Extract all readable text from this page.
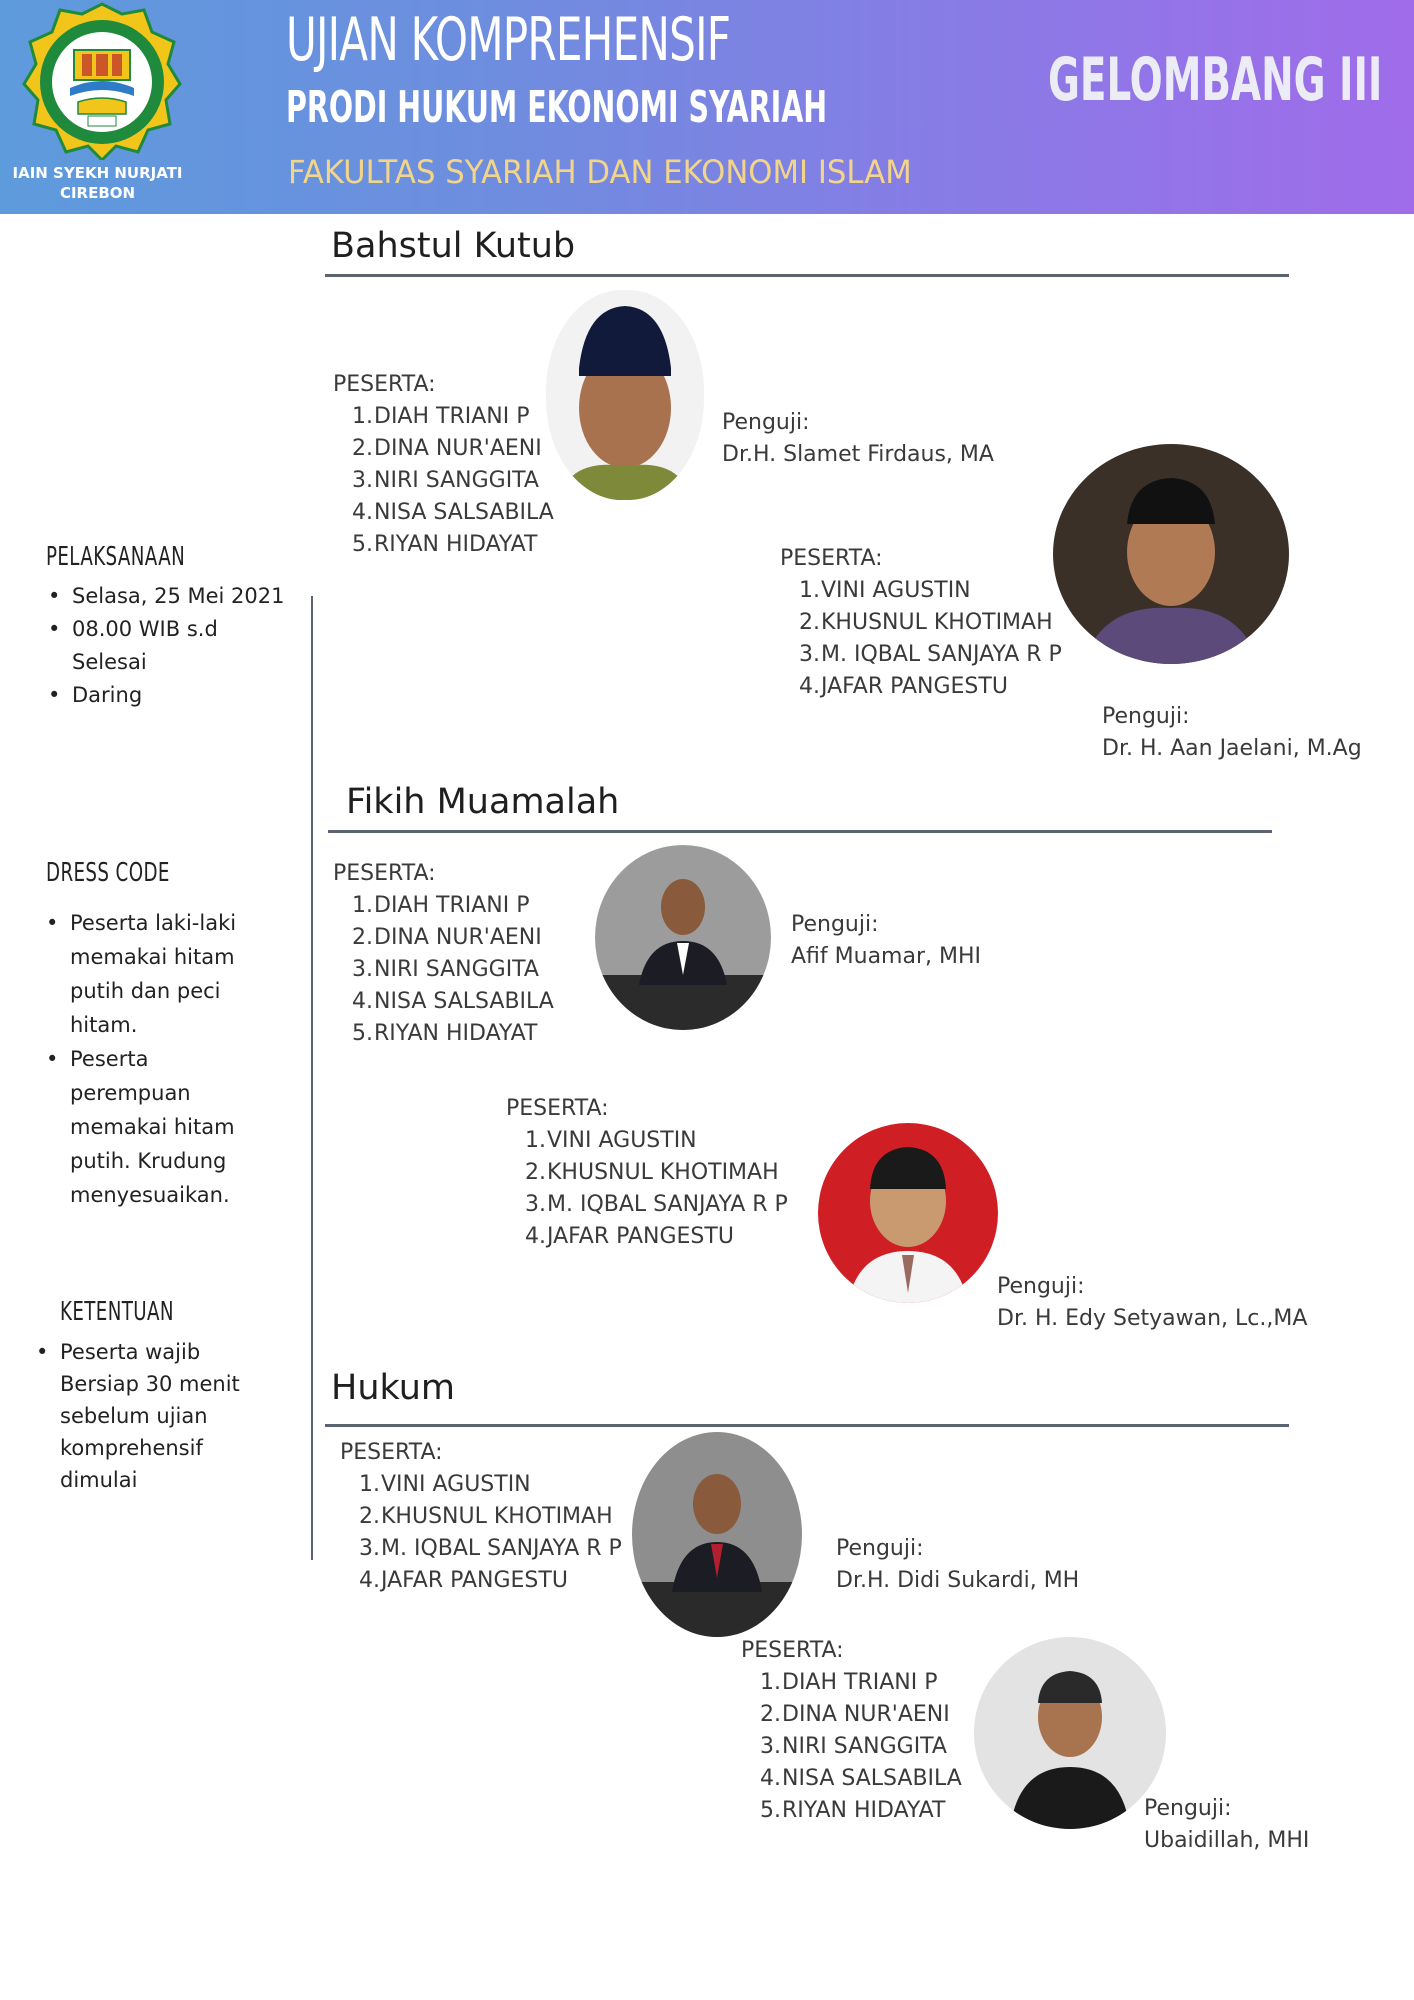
IAIN SYEKH NURJATI
CIREBON
UJIAN KOMPREHENSIF
PRODI HUKUM EKONOMI SYARIAH
FAKULTAS SYARIAH DAN EKONOMI ISLAM
GELOMBANG III
PELAKSANAAN
• Selasa, 25 Mei 2021
• 08.00 WIB s.d Selesai
• Daring
DRESS CODE
• Peserta laki-laki memakai hitam putih dan peci hitam.
• Peserta perempuan memakai hitam putih. Krudung menyesuaikan.
KETENTUAN
• Peserta wajib Bersiap 30 menit sebelum ujian komprehensif dimulai
Bahstul Kutub
PESERTA:
1.DIAH TRIANI P
2.DINA NUR'AENI
3.NIRI SANGGITA
4.NISA SALSABILA
5.RIYAN HIDAYAT
Penguji:
Dr.H. Slamet Firdaus, MA
PESERTA:
1.VINI AGUSTIN
2.KHUSNUL KHOTIMAH
3.M. IQBAL SANJAYA R P
4.JAFAR PANGESTU
Penguji:
Dr. H. Aan Jaelani, M.Ag
Fikih Muamalah
PESERTA:
1.DIAH TRIANI P
2.DINA NUR'AENI
3.NIRI SANGGITA
4.NISA SALSABILA
5.RIYAN HIDAYAT
Penguji:
Afif Muamar, MHI
PESERTA:
1.VINI AGUSTIN
2.KHUSNUL KHOTIMAH
3.M. IQBAL SANJAYA R P
4.JAFAR PANGESTU
Penguji:
Dr. H. Edy Setyawan, Lc.,MA
Hukum
PESERTA:
1.VINI AGUSTIN
2.KHUSNUL KHOTIMAH
3.M. IQBAL SANJAYA R P
4.JAFAR PANGESTU
Penguji:
Dr.H. Didi Sukardi, MH
PESERTA:
1.DIAH TRIANI P
2.DINA NUR'AENI
3.NIRI SANGGITA
4.NISA SALSABILA
5.RIYAN HIDAYAT	Penguji:
Ubaidillah, MHI
